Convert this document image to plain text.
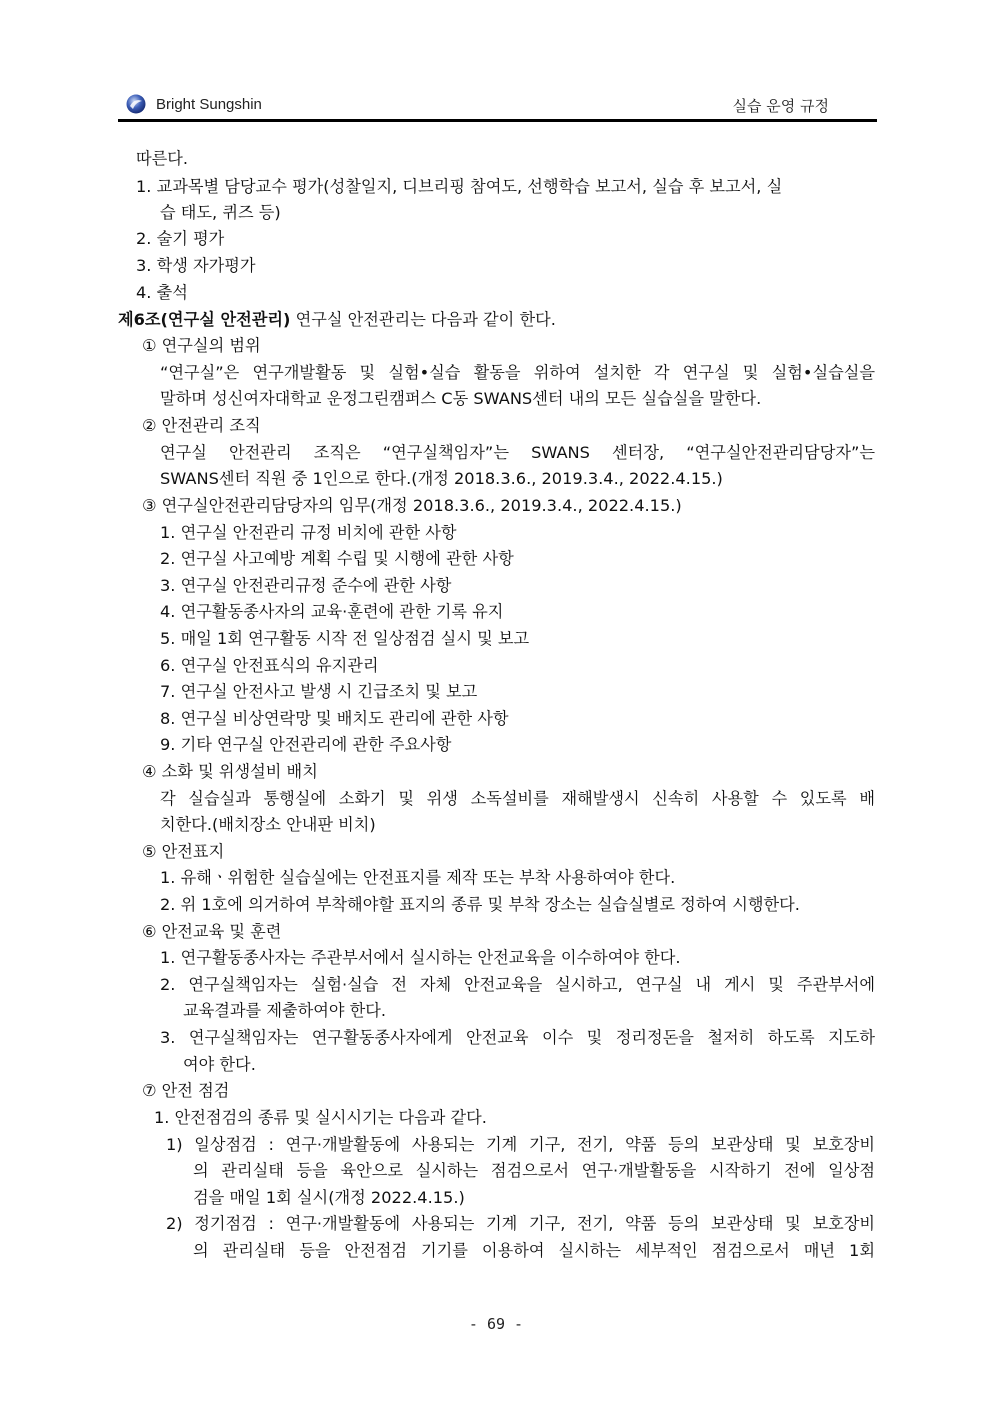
Bright Sungshin	실습 운영 규정
따른다.
1. 교과목별 담당교수 평가(성찰일지, 디브리핑 참여도, 선행학습 보고서, 실습 후 보고서, 실
습 태도, 퀴즈 등)
2. 술기 평가
3. 학생 자가평가
4. 출석
제6조(연구실 안전관리) 연구실 안전관리는 다음과 같이 한다.
① 연구실의 범위
“연구실”은 연구개발활동 및 실험•실습 활동을 위하여 설치한 각 연구실 및 실험•실습실을
말하며 성신여자대학교 운정그린캠퍼스 C동 SWANS센터 내의 모든 실습실을 말한다.
② 안전관리 조직
연구실 안전관리 조직은 “연구실책임자”는 SWANS 센터장, “연구실안전관리담당자”는
SWANS센터 직원 중 1인으로 한다.(개정 2018.3.6., 2019.3.4., 2022.4.15.)
③ 연구실안전관리담당자의 임무(개정 2018.3.6., 2019.3.4., 2022.4.15.)
1. 연구실 안전관리 규정 비치에 관한 사항
2. 연구실 사고예방 계획 수립 및 시행에 관한 사항
3. 연구실 안전관리규정 준수에 관한 사항
4. 연구활동종사자의 교육·훈련에 관한 기록 유지
5. 매일 1회 연구활동 시작 전 일상점검 실시 및 보고
6. 연구실 안전표식의 유지관리
7. 연구실 안전사고 발생 시 긴급조치 및 보고
8. 연구실 비상연락망 및 배치도 관리에 관한 사항
9. 기타 연구실 안전관리에 관한 주요사항
④ 소화 및 위생설비 배치
각 실습실과 통행실에 소화기 및 위생 소독설비를 재해발생시 신속히 사용할 수 있도록 배
치한다.(배치장소 안내판 비치)
⑤ 안전표지
1. 유해ㆍ위험한 실습실에는 안전표지를 제작 또는 부착 사용하여야 한다.
2. 위 1호에 의거하여 부착해야할 표지의 종류 및 부착 장소는 실습실별로 정하여 시행한다.
⑥ 안전교육 및 훈련
1. 연구활동종사자는 주관부서에서 실시하는 안전교육을 이수하여야 한다.
2. 연구실책임자는 실험·실습 전 자체 안전교육을 실시하고, 연구실 내 게시 및 주관부서에
교육결과를 제출하여야 한다.
3. 연구실책임자는 연구활동종사자에게 안전교육 이수 및 정리정돈을 철저히 하도록 지도하
여야 한다.
⑦ 안전 점검
1. 안전점검의 종류 및 실시시기는 다음과 같다.
1) 일상점검 : 연구·개발활동에 사용되는 기계 기구, 전기, 약품 등의 보관상태 및 보호장비
의 관리실태 등을 육안으로 실시하는 점검으로서 연구·개발활동을 시작하기 전에 일상점
검을 매일 1회 실시(개정 2022.4.15.)
2) 정기점검 : 연구·개발활동에 사용되는 기계 기구, 전기, 약품 등의 보관상태 및 보호장비
의 관리실태 등을 안전점검 기기를 이용하여 실시하는 세부적인 점검으로서 매년 1회
- 69 -
